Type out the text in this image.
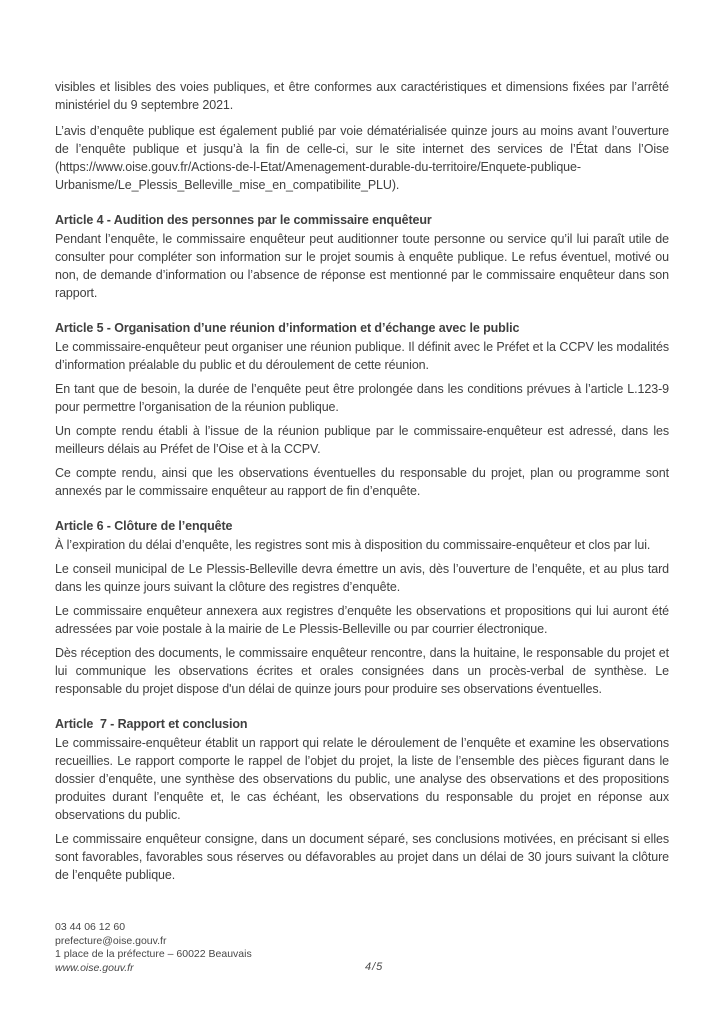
visibles et lisibles des voies publiques, et être conformes aux caractéristiques et dimensions fixées par l’arrêté ministériel du 9 septembre 2021.

L’avis d’enquête publique est également publié par voie dématérialisée quinze jours au moins avant l’ouverture de l’enquête publique et jusqu’à la fin de celle-ci, sur le site internet des services de l’État dans l’Oise (https://www.oise.gouv.fr/Actions-de-l-Etat/Amenagement-durable-du-territoire/Enquete-publique-Urbanisme/Le_Plessis_Belleville_mise_en_compatibilite_PLU).

Article 4 - Audition des personnes par le commissaire enquêteur

Pendant l’enquête, le commissaire enquêteur peut auditionner toute personne ou service qu’il lui paraît utile de consulter pour compléter son information sur le projet soumis à enquête publique. Le refus éventuel, motivé ou non, de demande d’information ou l’absence de réponse est mentionné par le commissaire enquêteur dans son rapport.

Article 5 - Organisation d’une réunion d’information et d’échange avec le public

Le commissaire-enquêteur peut organiser une réunion publique. Il définit avec le Préfet et la CCPV les modalités d’information préalable du public et du déroulement de cette réunion.

En tant que de besoin, la durée de l’enquête peut être prolongée dans les conditions prévues à l’article L.123-9 pour permettre l’organisation de la réunion publique.

Un compte rendu établi à l’issue de la réunion publique par le commissaire-enquêteur est adressé, dans les meilleurs délais au Préfet de l’Oise et à la CCPV.

Ce compte rendu, ainsi que les observations éventuelles du responsable du projet, plan ou programme sont annexés par le commissaire enquêteur au rapport de fin d’enquête.

Article 6 - Clôture de l’enquête

À l’expiration du délai d’enquête, les registres sont mis à disposition du commissaire-enquêteur et clos par lui.

Le conseil municipal de Le Plessis-Belleville devra émettre un avis, dès l’ouverture de l’enquête, et au plus tard dans les quinze jours suivant la clôture des registres d’enquête.

Le commissaire enquêteur annexera aux registres d’enquête les observations et propositions qui lui auront été adressées par voie postale à la mairie de Le Plessis-Belleville ou par courrier électronique.

Dès réception des documents, le commissaire enquêteur rencontre, dans la huitaine, le responsable du projet et lui communique les observations écrites et orales consignées dans un procès-verbal de synthèse. Le responsable du projet dispose d'un délai de quinze jours pour produire ses observations éventuelles.

Article  7 - Rapport et conclusion

Le commissaire-enquêteur établit un rapport qui relate le déroulement de l’enquête et examine les observations recueillies. Le rapport comporte le rappel de l’objet du projet, la liste de l’ensemble des pièces figurant dans le dossier d’enquête, une synthèse des observations du public, une analyse des observations et des propositions produites durant l’enquête et, le cas échéant, les observations du responsable du projet en réponse aux observations du public.

Le commissaire enquêteur consigne, dans un document séparé, ses conclusions motivées, en précisant si elles sont favorables, favorables sous réserves ou défavorables au projet dans un délai de 30 jours suivant la clôture de l’enquête publique.

03 44 06 12 60
prefecture@oise.gouv.fr
1 place de la préfecture – 60022 Beauvais
www.oise.gouv.fr	4/5
